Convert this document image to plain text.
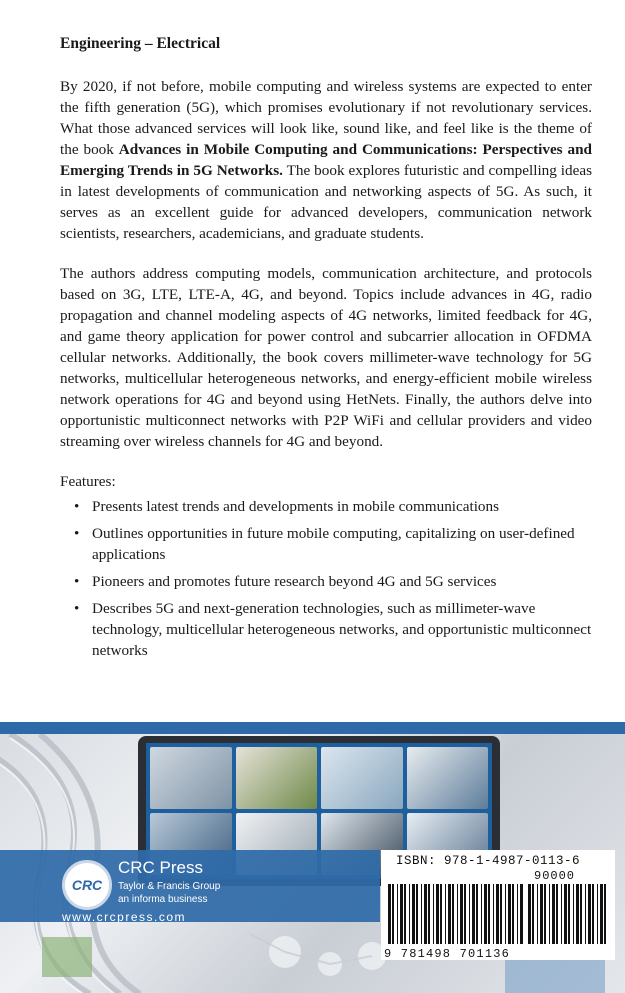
Engineering – Electrical

By 2020, if not before, mobile computing and wireless systems are expected to enter the fifth generation (5G), which promises evolutionary if not revolutionary services. What those advanced services will look like, sound like, and feel like is the theme of the book Advances in Mobile Computing and Communications: Perspectives and Emerging Trends in 5G Networks. The book explores futuristic and compelling ideas in latest developments of communication and networking aspects of 5G. As such, it serves as an excellent guide for advanced developers, communication network scientists, researchers, academicians, and graduate students.

The authors address computing models, communication architecture, and protocols based on 3G, LTE, LTE-A, 4G, and beyond. Topics include advances in 4G, radio propagation and channel modeling aspects of 4G networks, limited feedback for 4G, and game theory application for power control and subcarrier allocation in OFDMA cellular networks. Additionally, the book covers millimeter-wave technology for 5G networks, multicellular heterogeneous networks, and energy-efficient mobile wireless network operations for 4G and beyond using HetNets. Finally, the authors delve into opportunistic multiconnect networks with P2P WiFi and cellular providers and video streaming over wireless channels for 4G and beyond.

Features:
• Presents latest trends and developments in mobile communications
• Outlines opportunities in future mobile computing, capitalizing on user-defined applications
• Pioneers and promotes future research beyond 4G and 5G services
• Describes 5G and next-generation technologies, such as millimeter-wave technology, multicellular heterogeneous networks, and opportunistic multiconnect networks
CRC
CRC Press
Taylor & Francis Group
an informa business
www.crcpress.com
ISBN: 978-1-4987-0113-6
90000
9 781498 701136
